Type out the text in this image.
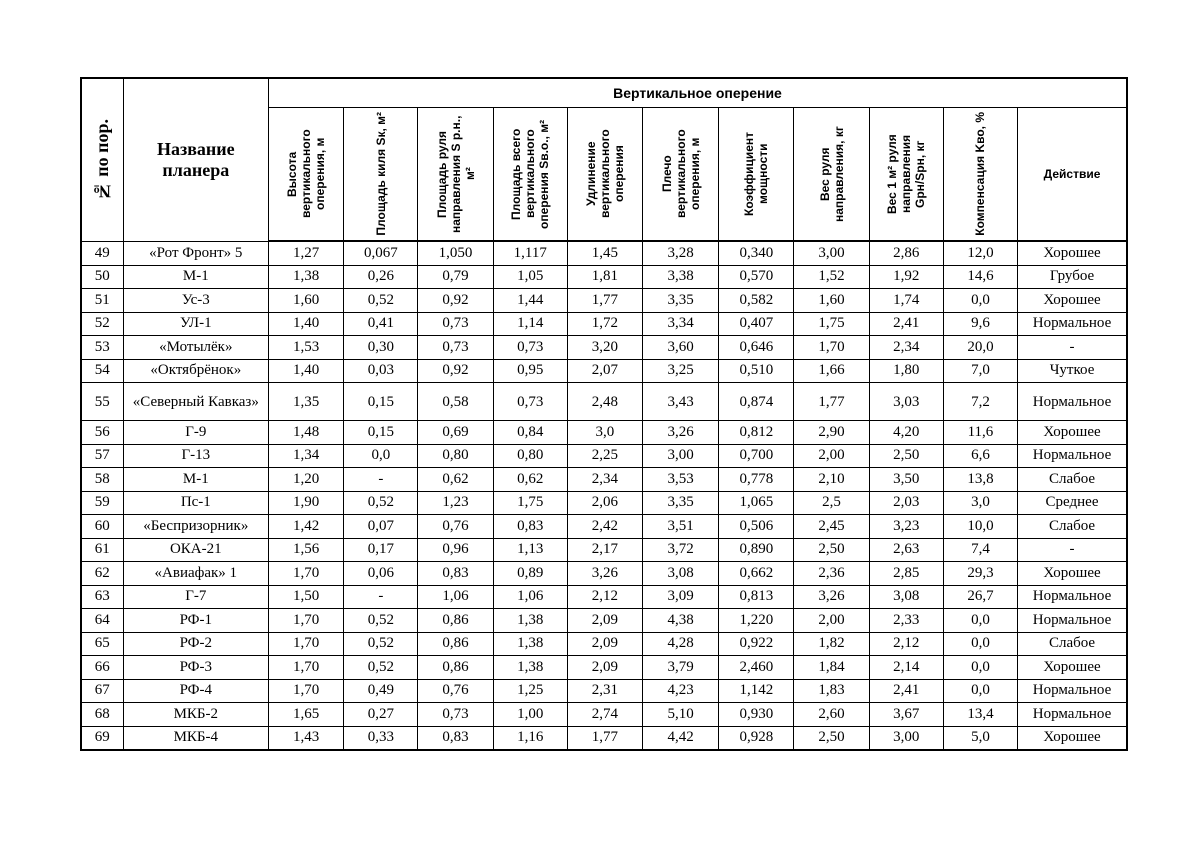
№ по пор.	Название планера	Вертикальное оперение										

		Высота вертикального оперения, м	Площадь киля Sк, м²	Площадь руля направления S р.н., м²	Площадь всего вертикального оперения Sв.о., м²	Удлинение вертикального оперения	Плечо вертикального оперения, м	Коэффициент мощности	Вес руля направления, кг	Вес 1 м² руля направления Gрн/Sрн, кг	Компенсация Kво, %	Действие

49	«Рот Фронт» 5	1,27	0,067	1,050	1,117	1,45	3,28	0,340	3,00	2,86	12,0	Хорошее
50	М-1	1,38	0,26	0,79	1,05	1,81	3,38	0,570	1,52	1,92	14,6	Грубое
51	Ус-3	1,60	0,52	0,92	1,44	1,77	3,35	0,582	1,60	1,74	0,0	Хорошее
52	УЛ-1	1,40	0,41	0,73	1,14	1,72	3,34	0,407	1,75	2,41	9,6	Нормальное
53	«Мотылёк»	1,53	0,30	0,73	0,73	3,20	3,60	0,646	1,70	2,34	20,0	-
54	«Октябрёнок»	1,40	0,03	0,92	0,95	2,07	3,25	0,510	1,66	1,80	7,0	Чуткое
55	«Северный Кавказ»	1,35	0,15	0,58	0,73	2,48	3,43	0,874	1,77	3,03	7,2	Нормальное
56	Г-9	1,48	0,15	0,69	0,84	3,0	3,26	0,812	2,90	4,20	11,6	Хорошее
57	Г-13	1,34	0,0	0,80	0,80	2,25	3,00	0,700	2,00	2,50	6,6	Нормальное
58	М-1	1,20	-	0,62	0,62	2,34	3,53	0,778	2,10	3,50	13,8	Слабое
59	Пс-1	1,90	0,52	1,23	1,75	2,06	3,35	1,065	2,5	2,03	3,0	Среднее
60	«Беспризорник»	1,42	0,07	0,76	0,83	2,42	3,51	0,506	2,45	3,23	10,0	Слабое
61	ОКА-21	1,56	0,17	0,96	1,13	2,17	3,72	0,890	2,50	2,63	7,4	-
62	«Авиафак» 1	1,70	0,06	0,83	0,89	3,26	3,08	0,662	2,36	2,85	29,3	Хорошее
63	Г-7	1,50	-	1,06	1,06	2,12	3,09	0,813	3,26	3,08	26,7	Нормальное
64	РФ-1	1,70	0,52	0,86	1,38	2,09	4,38	1,220	2,00	2,33	0,0	Нормальное
65	РФ-2	1,70	0,52	0,86	1,38	2,09	4,28	0,922	1,82	2,12	0,0	Слабое
66	РФ-3	1,70	0,52	0,86	1,38	2,09	3,79	2,460	1,84	2,14	0,0	Хорошее
67	РФ-4	1,70	0,49	0,76	1,25	2,31	4,23	1,142	1,83	2,41	0,0	Нормальное
68	МКБ-2	1,65	0,27	0,73	1,00	2,74	5,10	0,930	2,60	3,67	13,4	Нормальное
69	МКБ-4	1,43	0,33	0,83	1,16	1,77	4,42	0,928	2,50	3,00	5,0	Хорошее
